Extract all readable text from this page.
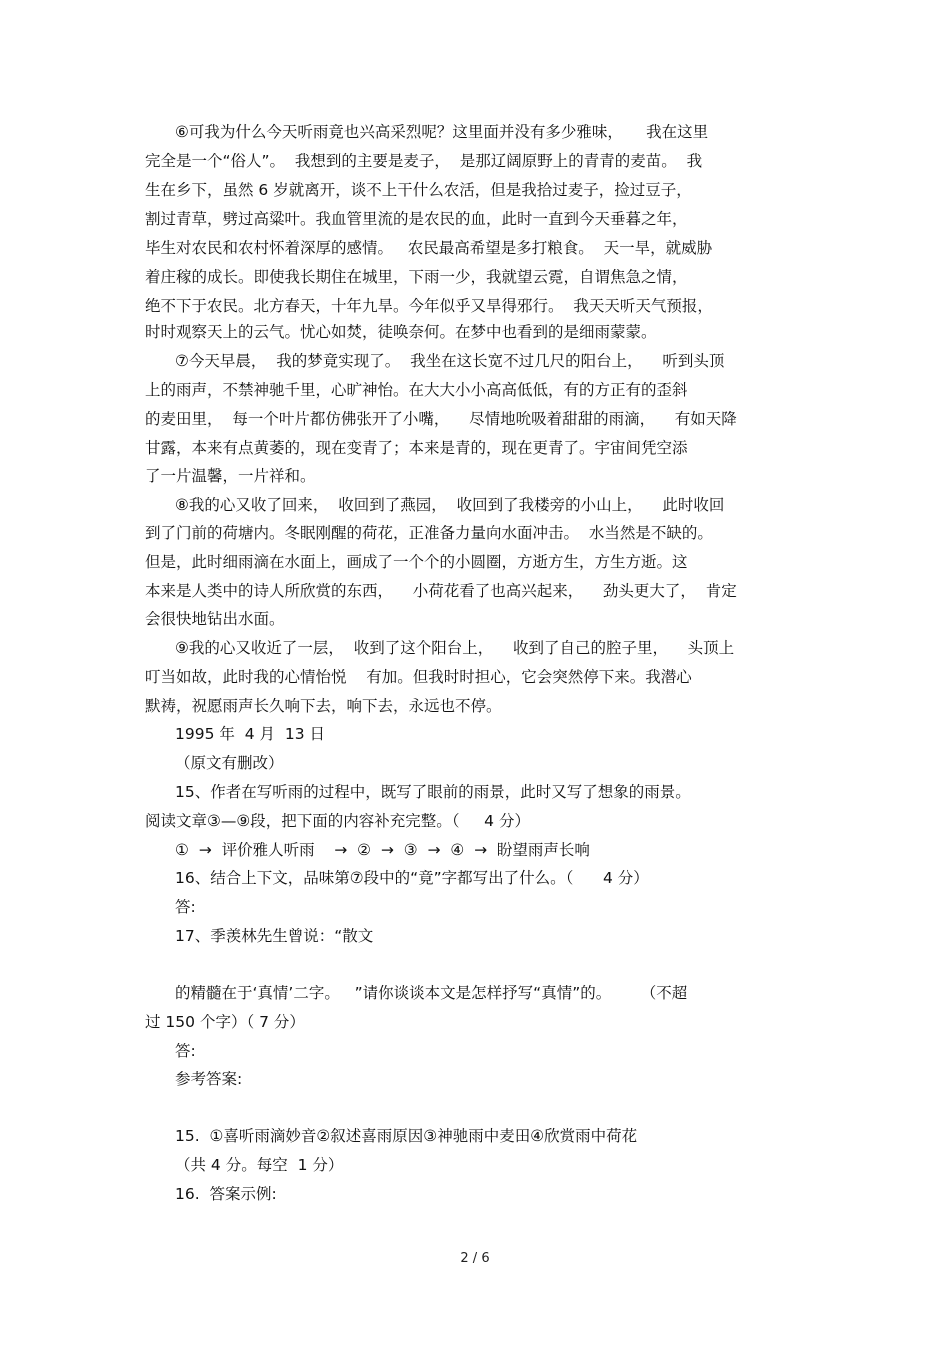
⑥可我为什么今天听雨竟也兴高采烈呢？这里面并没有多少雅味，　　我在这里
完全是一个“俗人”。  我想到的主要是麦子，  是那辽阔原野上的青青的麦苗。  我
生在乡下，虽然 6 岁就离开，谈不上干什么农活，但是我拾过麦子，捡过豆子，
割过青草，劈过高粱叶。我血管里流的是农民的血，此时一直到今天垂暮之年，
毕生对农民和农村怀着深厚的感情。   农民最高希望是多打粮食。  天一旱，就威胁
着庄稼的成长。即使我长期住在城里，下雨一少，我就望云霓，自谓焦急之情，
绝不下于农民。北方春天，十年九旱。今年似乎又旱得邪行。  我天天听天气预报，
时时观察天上的云气。忧心如焚，徒唤奈何。在梦中也看到的是细雨蒙蒙。
⑦今天早晨，  我的梦竟实现了。  我坐在这长宽不过几尺的阳台上，    听到头顶
上的雨声，不禁神驰千里，心旷神怡。在大大小小高高低低，有的方正有的歪斜
的麦田里，  每一个叶片都仿佛张开了小嘴，    尽情地吮吸着甜甜的雨滴，    有如天降
甘露，本来有点黄萎的，现在变青了；本来是青的，现在更青了。宇宙间凭空添
了一片温馨，一片祥和。
⑧我的心又收了回来，  收回到了燕园，  收回到了我楼旁的小山上，    此时收回
到了门前的荷塘内。冬眠刚醒的荷花，正准备力量向水面冲击。  水当然是不缺的。
但是，此时细雨滴在水面上，画成了一个个的小圆圈，方逝方生，方生方逝。这
本来是人类中的诗人所欣赏的东西，    小荷花看了也高兴起来，    劲头更大了，  肯定
会很快地钻出水面。
⑨我的心又收近了一层，  收到了这个阳台上，    收到了自己的腔子里，    头顶上
叮当如故，此时我的心情怡悦    有加。但我时时担心，它会突然停下来。我潜心
默祷，祝愿雨声长久响下去，响下去，永远也不停。
1995 年  4 月  13 日
（原文有删改）
15、作者在写听雨的过程中，既写了眼前的雨景，此时又写了想象的雨景。
阅读文章③—⑨段，把下面的内容补充完整。（     4 分）
①  →  评价雅人听雨    →  ②  →  ③  →  ④  →  盼望雨声长响
16、结合上下文，品味第⑦段中的“竟”字都写出了什么。（      4 分）
答:
17、季羡林先生曾说：“散文
的精髓在于‘真情’二字。   ”请你谈谈本文是怎样抒写“真情”的。      （不超
过 150 个字）（ 7 分）
答:
参考答案:
15.  ①喜听雨滴妙音②叙述喜雨原因③神驰雨中麦田④欣赏雨中荷花
（共 4 分。每空  1 分）
16.  答案示例:
2 / 6
